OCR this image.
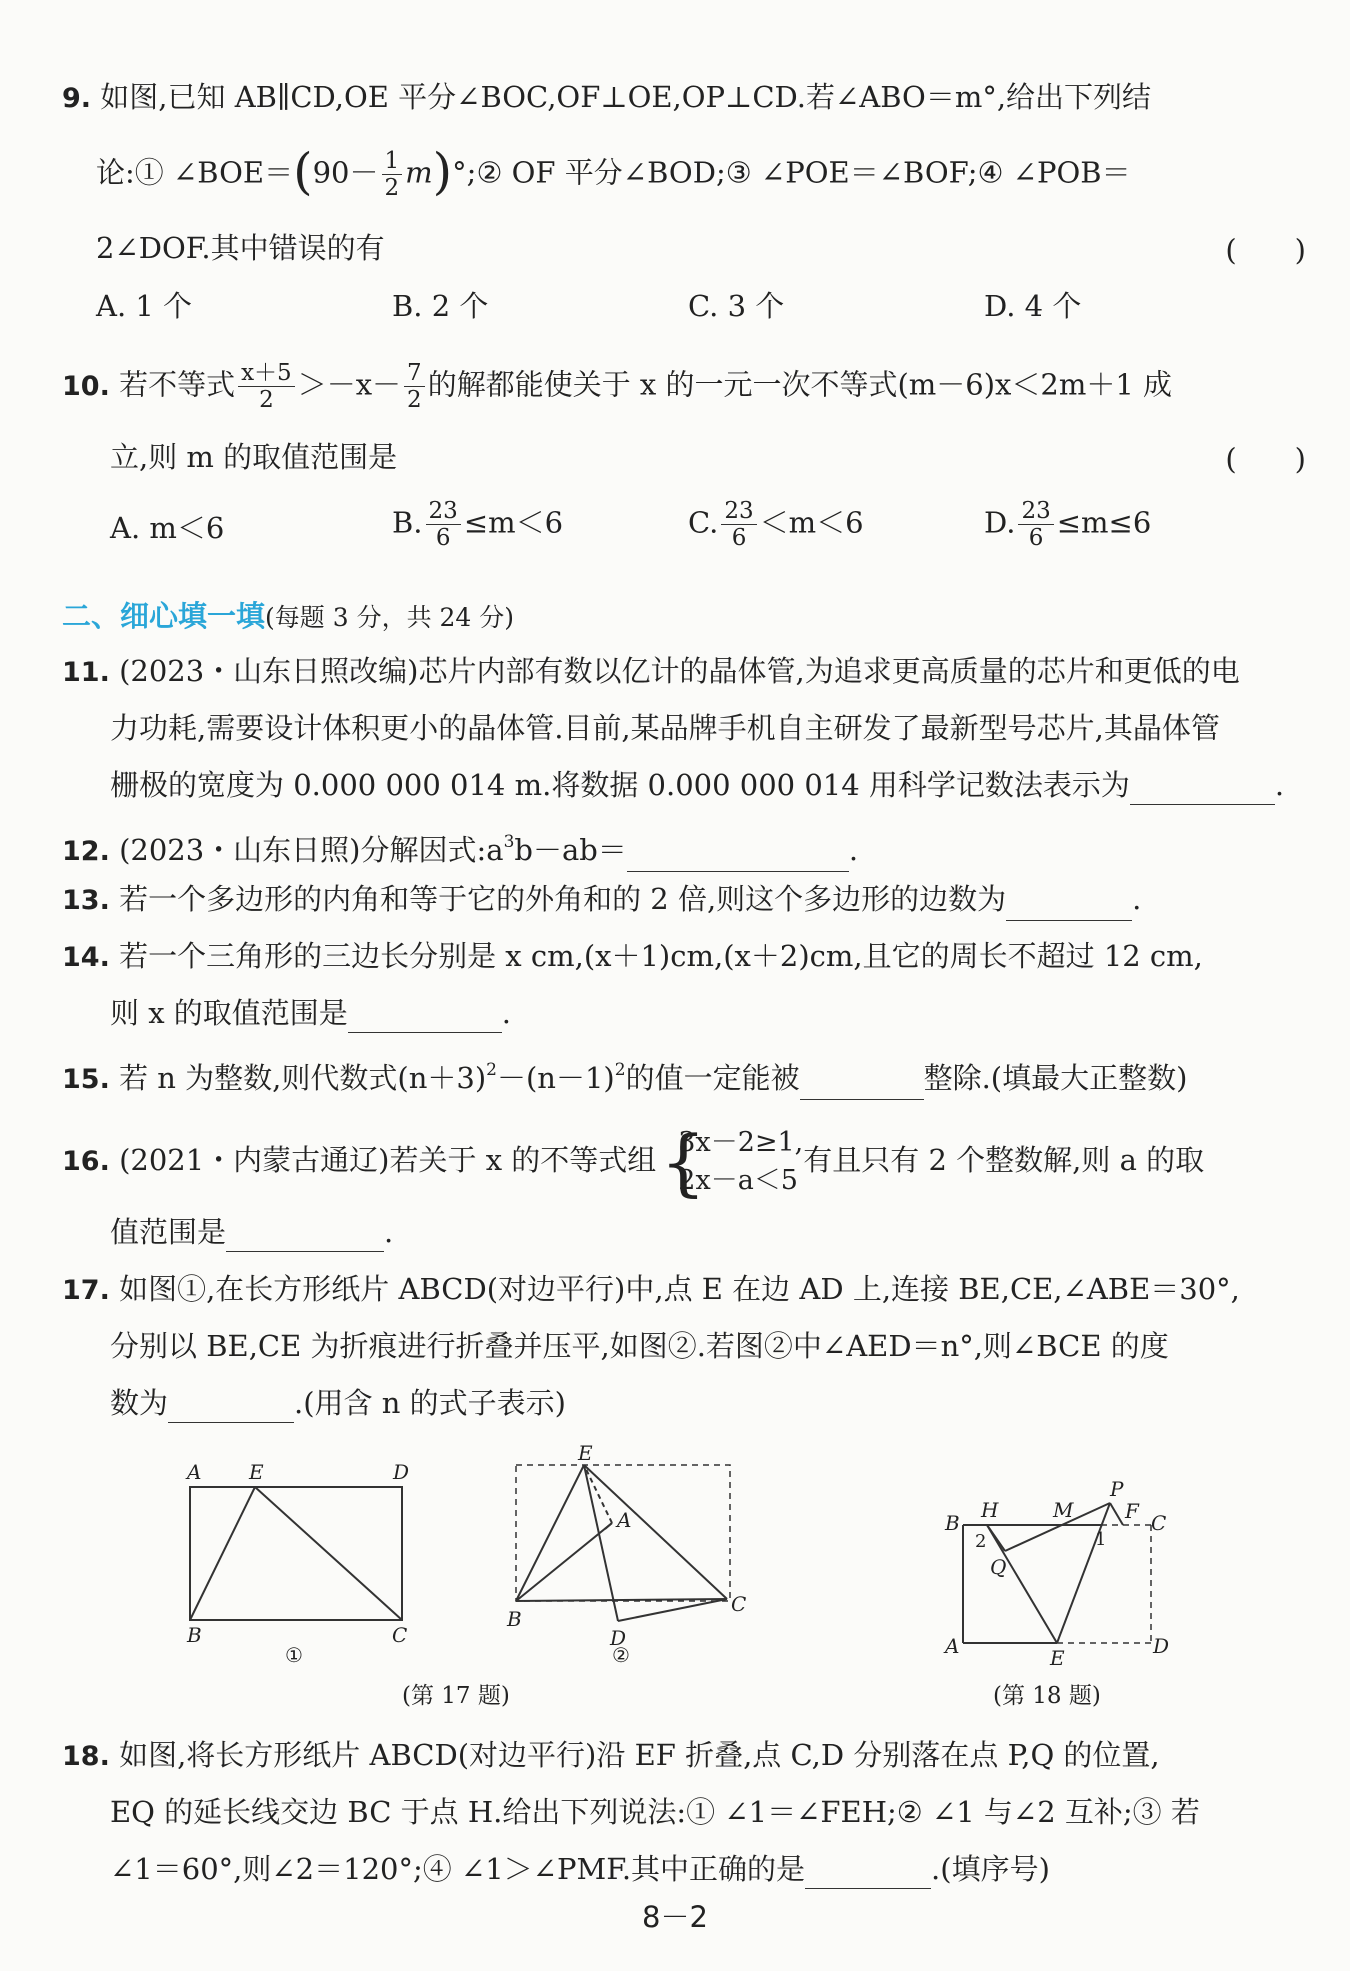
9. 如图,已知 AB∥CD,OE 平分∠BOC,OF⊥OE,OP⊥CD.若∠ABO＝m°,给出下列结
论:① ∠BOE＝(90－ $\frac{1}{2}$ m)°;② OF 平分∠BOD;③ ∠POE＝∠BOF;④ ∠POB＝
2∠DOF.其中错误的有	(　　)
A. 1 个	B. 2 个	C. 3 个	D. 4 个
10. 若不等式 $\frac{x+5}{2} >-x- \frac{7}{2}$ 的解都能使关于 x 的一元一次不等式(m－6)x＜2m＋1 成
立,则 m 的取值范围是	(　　)
A. m＜6	B. $\frac{23}{6} \le m<6$	C. $\frac{23}{6} <m<6$	D. $\frac{23}{6} \le m\le 6$
二、细心填一填(每题 3 分，共 24 分)
11. (2023・山东日照改编)芯片内部有数以亿计的晶体管,为追求更高质量的芯片和更低的电
力功耗,需要设计体积更小的晶体管.目前,某品牌手机自主研发了最新型号芯片,其晶体管
栅极的宽度为 0.000 000 014 m.将数据 0.000 000 014 用科学记数法表示为	.
12. (2023・山东日照)分解因式$:a^3b-ab=$	.
13. 若一个多边形的内角和等于它的外角和的 2 倍,则这个多边形的边数为	.
14. 若一个三角形的三边长分别是 x cm,(x＋1)cm,(x＋2)cm,且它的周长不超过 12 cm,
则 x 的取值范围是	.
15. 若 n 为整数,则代数式$(n+3)^2-(n-1)^2$的值一定能被	整除.(填最大正整数)
16. (2021・内蒙古通辽)若关于 x 的不等式组 {
3x－2≥1,
2x－a＜5
有且只有 2 个整数解,则 a 的取
值范围是	.
17. 如图①,在长方形纸片 ABCD(对边平行)中,点 E 在边 AD 上,连接 BE,CE,∠ABE＝30°,
分别以 BE,CE 为折痕进行折叠并压平,如图②.若图②中∠AED＝n°,则∠BCE 的度
数为	.(用含 n 的式子表示)
A E	D
B	C
①
E
A
B
C
D
②
B
H	M
P
F C
2
Q
1
A	E	D
(第 17 题)	(第 18 题)
18. 如图,将长方形纸片 ABCD(对边平行)沿 EF 折叠,点 C,D 分别落在点 P,Q 的位置,
EQ 的延长线交边 BC 于点 H.给出下列说法:① ∠1＝∠FEH;② ∠1 与∠2 互补;③ 若
∠1＝60°,则∠2＝120°;④ ∠1＞∠PMF.其中正确的是	.(填序号)
8－2
